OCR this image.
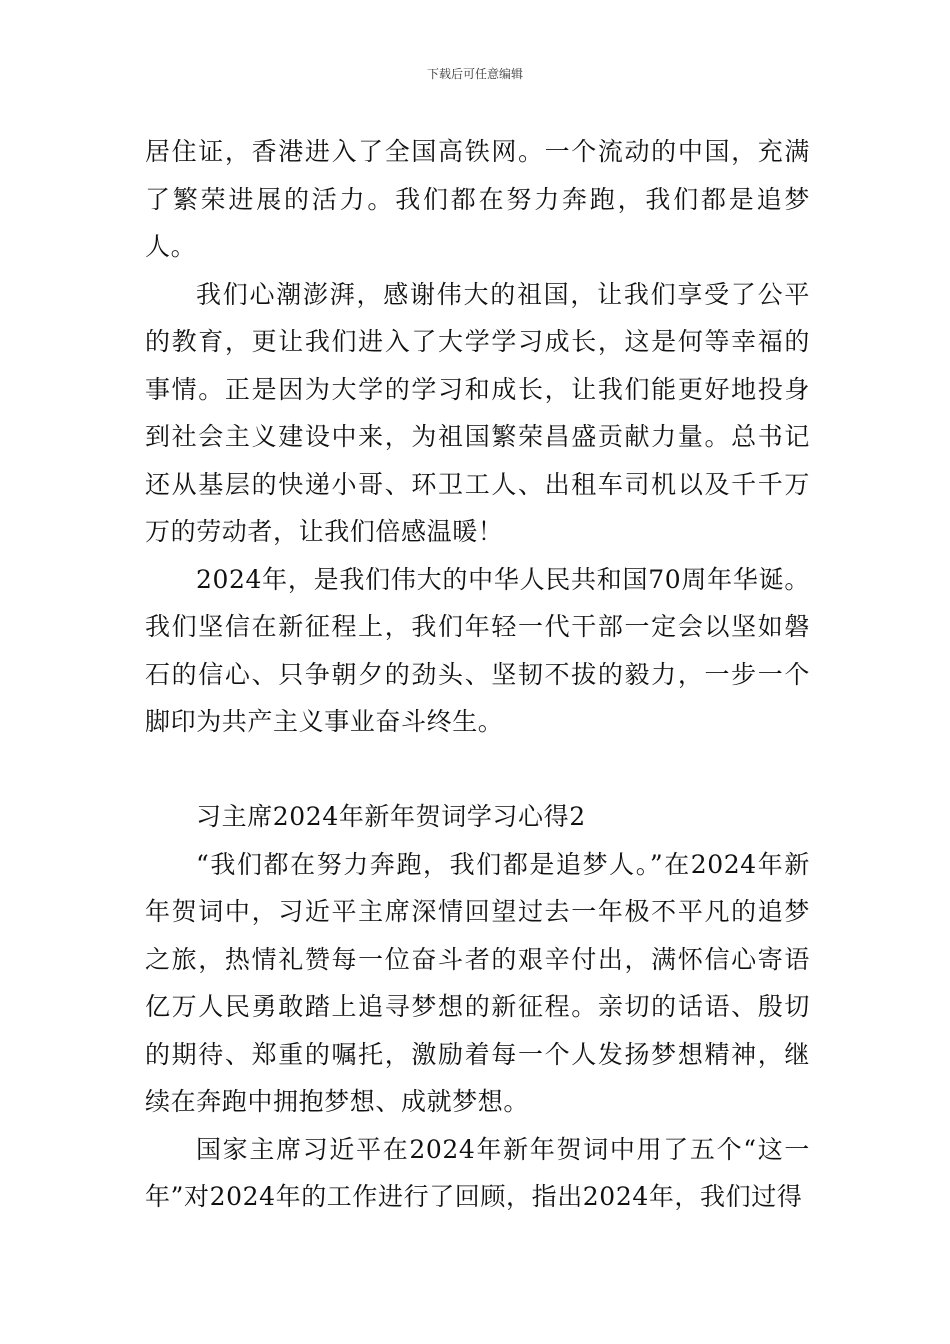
下载后可任意编辑

居住证，香港进入了全国高铁网。一个流动的中国，充满了繁荣进展的活力。我们都在努力奔跑，我们都是追梦人。

我们心潮澎湃，感谢伟大的祖国，让我们享受了公平的教育，更让我们进入了大学学习成长，这是何等幸福的事情。正是因为大学的学习和成长，让我们能更好地投身到社会主义建设中来，为祖国繁荣昌盛贡献力量。总书记还从基层的快递小哥、环卫工人、出租车司机以及千千万万的劳动者，让我们倍感温暖！

2024年，是我们伟大的中华人民共和国70周年华诞。我们坚信在新征程上，我们年轻一代干部一定会以坚如磐石的信心、只争朝夕的劲头、坚韧不拔的毅力，一步一个脚印为共产主义事业奋斗终生。

习主席2024年新年贺词学习心得2

“我们都在努力奔跑，我们都是追梦人。”在2024年新年贺词中，习近平主席深情回望过去一年极不平凡的追梦之旅，热情礼赞每一位奋斗者的艰辛付出，满怀信心寄语亿万人民勇敢踏上追寻梦想的新征程。亲切的话语、殷切的期待、郑重的嘱托，激励着每一个人发扬梦想精神，继续在奔跑中拥抱梦想、成就梦想。

国家主席习近平在2024年新年贺词中用了五个“这一年”对2024年的工作进行了回顾，指出2024年，我们过得
